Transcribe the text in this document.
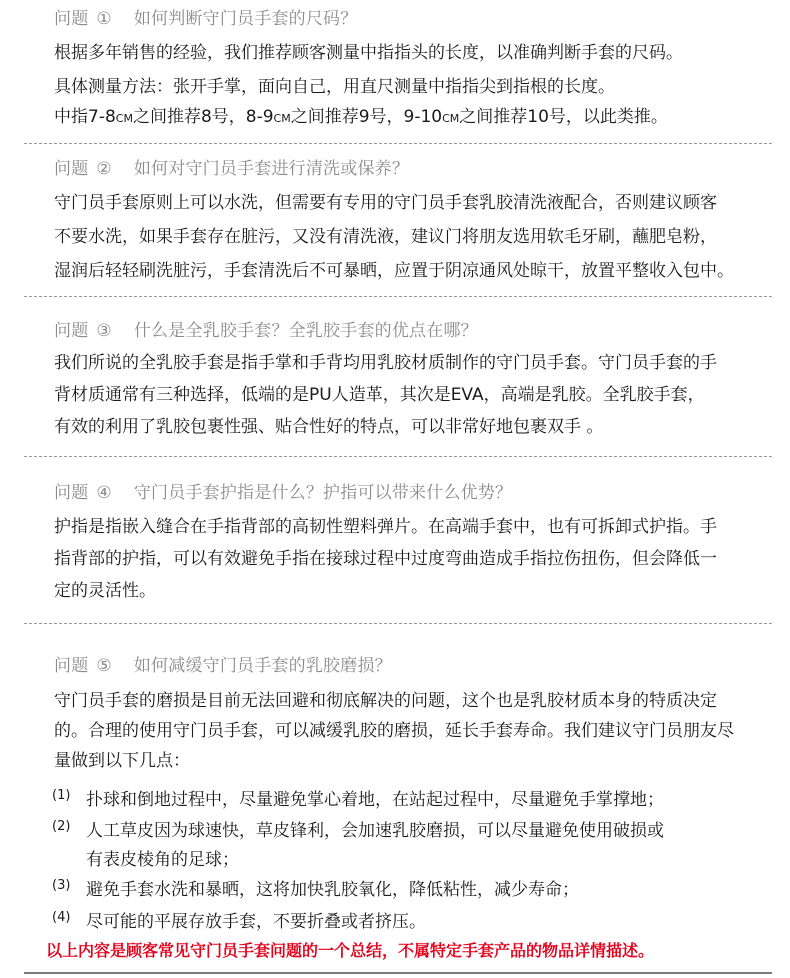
问题 ① 如何判断守门员手套的尺码？
根据多年销售的经验，我们推荐顾客测量中指指头的长度，以准确判断手套的尺码。
具体测量方法：张开手掌，面向自己，用直尺测量中指指尖到指根的长度。
中指7-8CM之间推荐8号，8-9CM之间推荐9号，9-10CM之间推荐10号，以此类推。
问题 ② 如何对守门员手套进行清洗或保养？
守门员手套原则上可以水洗，但需要有专用的守门员手套乳胶清洗液配合，否则建议顾客
不要水洗，如果手套存在脏污，又没有清洗液，建议门将朋友选用软毛牙刷，蘸肥皂粉，
湿润后轻轻刷洗脏污，手套清洗后不可暴晒，应置于阴凉通风处晾干，放置平整收入包中。
问题 ③ 什么是全乳胶手套？全乳胶手套的优点在哪？
我们所说的全乳胶手套是指手掌和手背均用乳胶材质制作的守门员手套。守门员手套的手
背材质通常有三种选择，低端的是PU人造革，其次是EVA，高端是乳胶。全乳胶手套，
有效的利用了乳胶包裹性强、贴合性好的特点，可以非常好地包裹双手 。
问题 ④ 守门员手套护指是什么？护指可以带来什么优势？
护指是指嵌入缝合在手指背部的高韧性塑料弹片。在高端手套中，也有可拆卸式护指。手
指背部的护指，可以有效避免手指在接球过程中过度弯曲造成手指拉伤扭伤，但会降低一
定的灵活性。
问题 ⑤ 如何减缓守门员手套的乳胶磨损？
守门员手套的磨损是目前无法回避和彻底解决的问题，这个也是乳胶材质本身的特质决定
的。合理的使用守门员手套，可以减缓乳胶的磨损，延长手套寿命。我们建议守门员朋友尽
量做到以下几点：
(1) 扑球和倒地过程中，尽量避免掌心着地，在站起过程中，尽量避免手掌撑地；
(2) 人工草皮因为球速快，草皮锋利，会加速乳胶磨损，可以尽量避免使用破损或
有表皮棱角的足球；
(3) 避免手套水洗和暴晒，这将加快乳胶氧化，降低粘性，减少寿命；
(4) 尽可能的平展存放手套，不要折叠或者挤压。
以上内容是顾客常见守门员手套问题的一个总结，不属特定手套产品的物品详情描述。
